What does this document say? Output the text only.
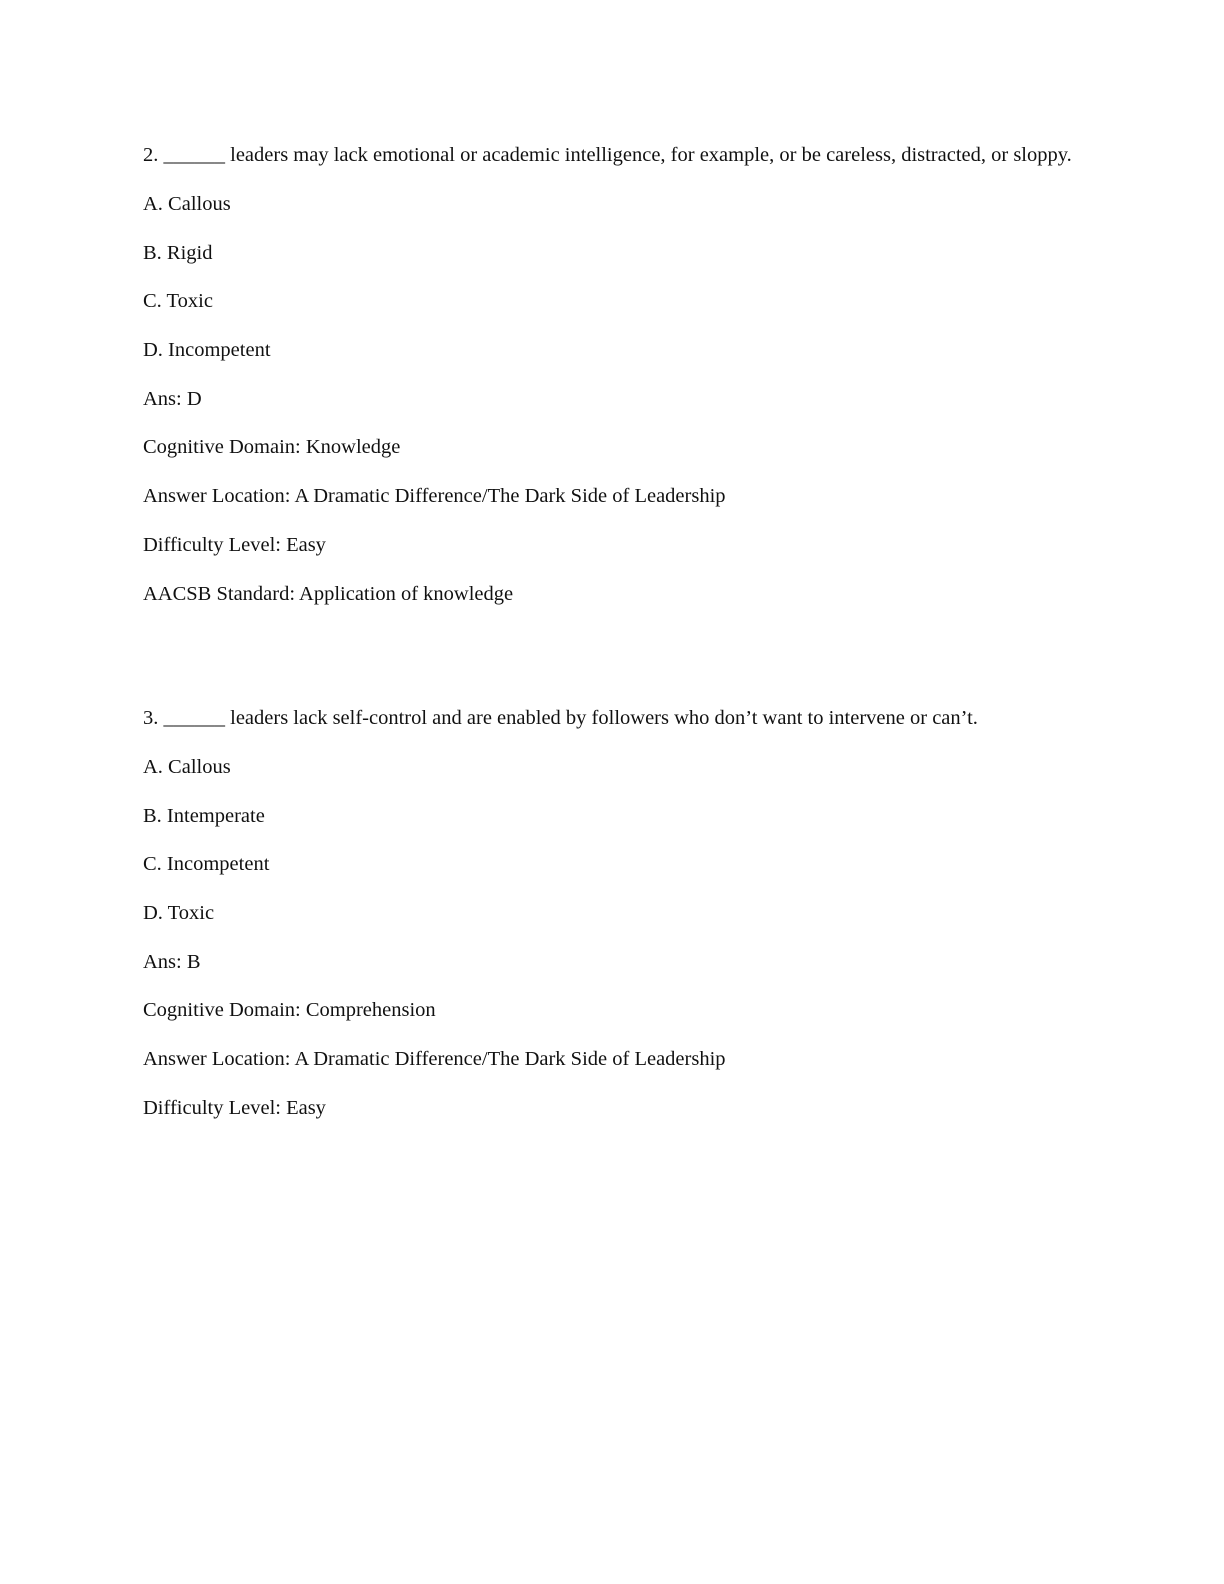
2. ______ leaders may lack emotional or academic intelligence, for example, or be careless, distracted, or sloppy.

A. Callous

B. Rigid

C. Toxic

D. Incompetent

Ans: D

Cognitive Domain: Knowledge

Answer Location: A Dramatic Difference/The Dark Side of Leadership

Difficulty Level: Easy

AACSB Standard: Application of knowledge

3. ______ leaders lack self-control and are enabled by followers who don’t want to intervene or can’t.

A. Callous

B. Intemperate

C. Incompetent

D. Toxic

Ans: B

Cognitive Domain: Comprehension

Answer Location: A Dramatic Difference/The Dark Side of Leadership

Difficulty Level: Easy
